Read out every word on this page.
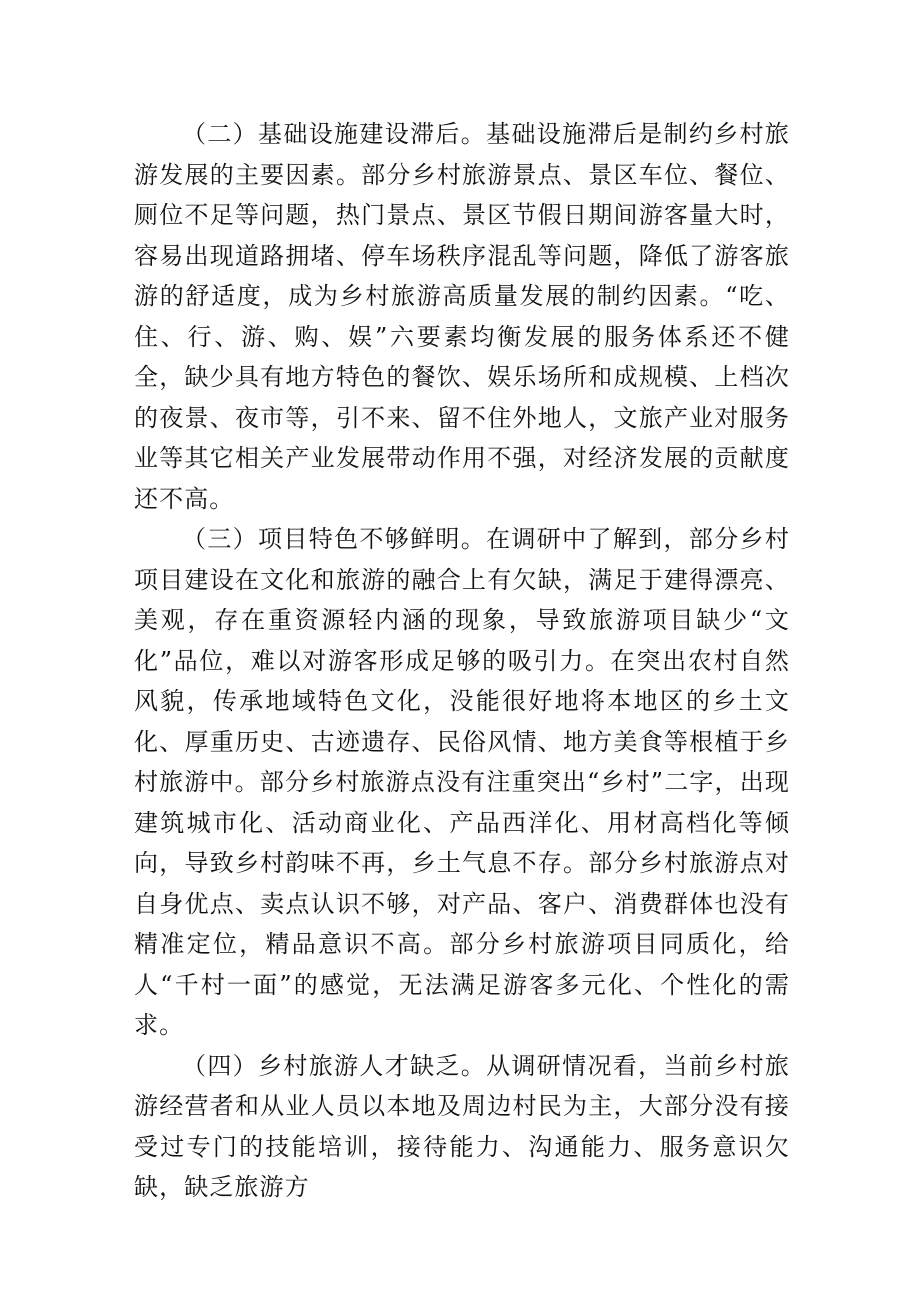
（二）基础设施建设滞后。基础设施滞后是制约乡村旅游发展的主要因素。部分乡村旅游景点、景区车位、餐位、厕位不足等问题，热门景点、景区节假日期间游客量大时，容易出现道路拥堵、停车场秩序混乱等问题，降低了游客旅游的舒适度，成为乡村旅游高质量发展的制约因素。“吃、住、行、游、购、娱”六要素均衡发展的服务体系还不健全，缺少具有地方特色的餐饮、娱乐场所和成规模、上档次的夜景、夜市等，引不来、留不住外地人，文旅产业对服务业等其它相关产业发展带动作用不强，对经济发展的贡献度还不高。

（三）项目特色不够鲜明。在调研中了解到，部分乡村项目建设在文化和旅游的融合上有欠缺，满足于建得漂亮、美观，存在重资源轻内涵的现象，导致旅游项目缺少“文化”品位，难以对游客形成足够的吸引力。在突出农村自然风貌，传承地域特色文化，没能很好地将本地区的乡土文化、厚重历史、古迹遗存、民俗风情、地方美食等根植于乡村旅游中。部分乡村旅游点没有注重突出“乡村”二字，出现建筑城市化、活动商业化、产品西洋化、用材高档化等倾向，导致乡村韵味不再，乡土气息不存。部分乡村旅游点对自身优点、卖点认识不够，对产品、客户、消费群体也没有精准定位，精品意识不高。部分乡村旅游项目同质化，给人“千村一面”的感觉，无法满足游客多元化、个性化的需求。

（四）乡村旅游人才缺乏。从调研情况看，当前乡村旅游经营者和从业人员以本地及周边村民为主，大部分没有接受过专门的技能培训，接待能力、沟通能力、服务意识欠缺，缺乏旅游方
